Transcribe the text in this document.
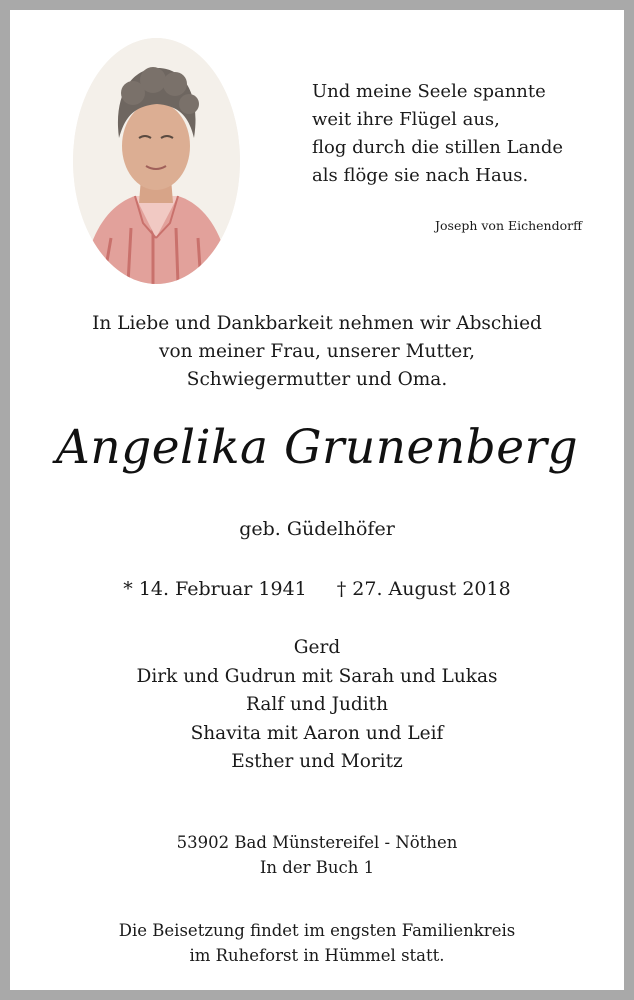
Und meine Seele spannte
weit ihre Flügel aus,
flog durch die stillen Lande
als flöge sie nach Haus.
Joseph von Eichendorff
In Liebe und Dankbarkeit nehmen wir Abschied
von meiner Frau, unserer Mutter,
Schwiegermutter und Oma.
Angelika Grunenberg
geb. Güdelhöfer
* 14. Februar 1941 † 27. August 2018
Gerd
Dirk und Gudrun mit Sarah und Lukas
Ralf und Judith
Shavita mit Aaron und Leif
Esther und Moritz
53902 Bad Münstereifel - Nöthen
In der Buch 1
Die Beisetzung findet im engsten Familienkreis
im Ruheforst in Hümmel statt.
